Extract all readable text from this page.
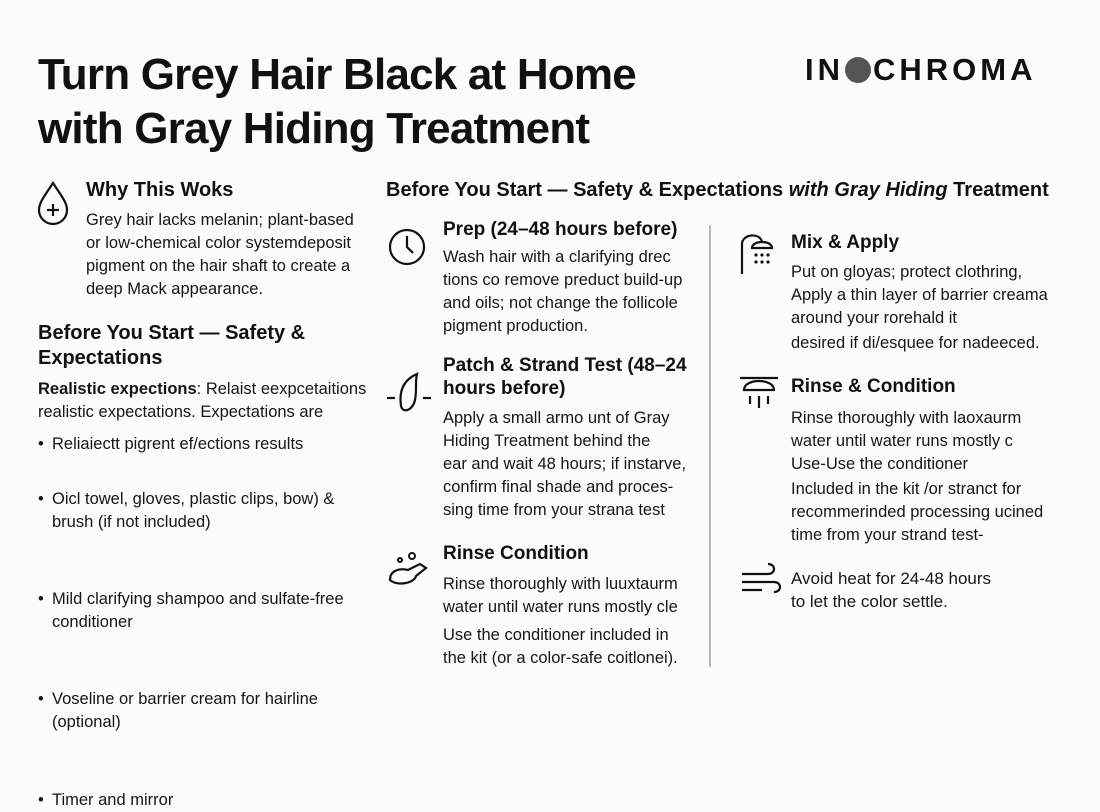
Turn Grey Hair Black at Home
with Gray Hiding Treatment
IN CHROMA
Why This Woks
Grey hair lacks melanin; plant-based
or low-chemical color systemdeposit
pigment on the hair shaft to create a
deep Mack appearance.
Before You Start — Safety &
Expectations
Realistic expections: Relaist eexpcetaitions
realistic expectations. Expectations are
• Reliaiectt pigrent ef/ections results
• Oicl towel, gloves, plastic clips, bow) &
brush (if not included)
• Mild clarifying shampoo and sulfate-free
conditioner
• Voseline or barrier cream for hairline
(optional)
• Timer and mirror
Before You Start — Safety & Expectations with Gray Hiding Treatment
Prep (24–48 hours before)
Wash hair with a clarifying drec
tions co remove preduct build-up
and oils; not change the follicole
pigment production.
Patch & Strand Test (48–24
hours before)
Apply a small armo unt of Gray
Hiding Treatment behind the
ear and wait 48 hours; if instarve,
confirm final shade and proces-
sing time from your strana test
Rinse Condition
Rinse thoroughly with luuxtaurm
water until water runs mostly cle
Use the conditioner included in
the kit (or a color-safe coitlonei).
Mix & Apply
Put on gloyas; protect clothring,
Apply a thin layer of barrier creama
around your rorehald it
desired if di/esquee for nadeeced.
Rinse & Condition
Rinse thoroughly with laoxaurm
water until water runs mostly c
Use-Use the conditioner
Included in the kit /or stranct for
recommerinded processing ucined
time from your strand test-
Avoid heat for 24-48 hours
to let the color settle.
